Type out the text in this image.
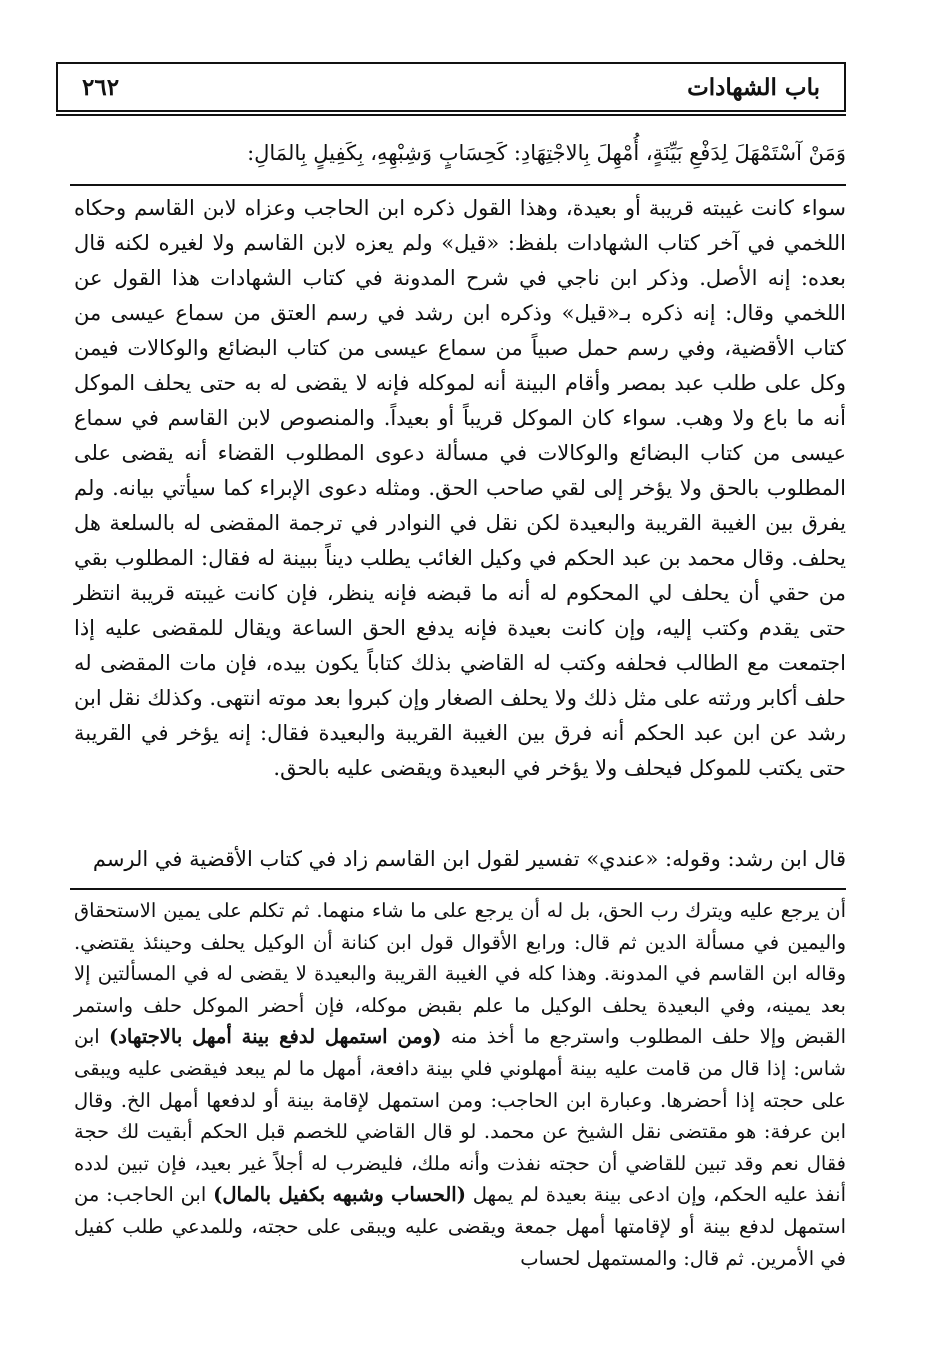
باب الشهادات
٢٦٢

وَمَنْ آسْتَمْهَلَ لِدَفْعِ بَيِّنَةٍ، أُمْهِلَ بِالاجْتِهَادِ: كَحِسَابٍ وَشِبْهِهِ، بِكَفِيلٍ بِالمَالِ:

سواء كانت غيبته قريبة أو بعيدة، وهذا القول ذكره ابن الحاجب وعزاه لابن القاسم وحكاه اللخمي في آخر كتاب الشهادات بلفظ: «قيل» ولم يعزه لابن القاسم ولا لغيره لكنه قال بعده: إنه الأصل. وذكر ابن ناجي في شرح المدونة في كتاب الشهادات هذا القول عن اللخمي وقال: إنه ذكره بـ«قيل» وذكره ابن رشد في رسم العتق من سماع عيسى من كتاب الأقضية، وفي رسم حمل صبياً من سماع عيسى من كتاب البضائع والوكالات فيمن وكل على طلب عبد بمصر وأقام البينة أنه لموكله فإنه لا يقضى له به حتى يحلف الموكل أنه ما باع ولا وهب. سواء كان الموكل قريباً أو بعيداً. والمنصوص لابن القاسم في سماع عيسى من كتاب البضائع والوكالات في مسألة دعوى المطلوب القضاء أنه يقضى على المطلوب بالحق ولا يؤخر إلى لقي صاحب الحق. ومثله دعوى الإبراء كما سيأتي بيانه. ولم يفرق بين الغيبة القريبة والبعيدة لكن نقل في النوادر في ترجمة المقضى له بالسلعة هل يحلف. وقال محمد بن عبد الحكم في وكيل الغائب يطلب ديناً ببينة له فقال: المطلوب بقي من حقي أن يحلف لي المحكوم له أنه ما قبضه فإنه ينظر، فإن كانت غيبته قريبة انتظر حتى يقدم وكتب إليه، وإن كانت بعيدة فإنه يدفع الحق الساعة ويقال للمقضى عليه إذا اجتمعت مع الطالب فحلفه وكتب له القاضي بذلك كتاباً يكون بيده، فإن مات المقضى له حلف أكابر ورثته على مثل ذلك ولا يحلف الصغار وإن كبروا بعد موته انتهى. وكذلك نقل ابن رشد عن ابن عبد الحكم أنه فرق بين الغيبة القريبة والبعيدة فقال: إنه يؤخر في القريبة حتى يكتب للموكل فيحلف ولا يؤخر في البعيدة ويقضى عليه بالحق.

قال ابن رشد: وقوله: «عندي» تفسير لقول ابن القاسم زاد في كتاب الأقضية في الرسم

أن يرجع عليه ويترك رب الحق، بل له أن يرجع على ما شاء منهما. ثم تكلم على يمين الاستحقاق واليمين في مسألة الدين ثم قال: ورابع الأقوال قول ابن كنانة أن الوكيل يحلف وحينئذ يقتضي. وقاله ابن القاسم في المدونة. وهذا كله في الغيبة القريبة والبعيدة لا يقضى له في المسألتين إلا بعد يمينه، وفي البعيدة يحلف الوكيل ما علم بقبض موكله، فإن أحضر الموكل حلف واستمر القبض وإلا حلف المطلوب واسترجع ما أخذ منه (ومن استمهل لدفع بينة أمهل بالاجتهاد) ابن شاس: إذا قال من قامت عليه بينة أمهلوني فلي بينة دافعة، أمهل ما لم يبعد فيقضى عليه ويبقى على حجته إذا أحضرها. وعبارة ابن الحاجب: ومن استمهل لإقامة بينة أو لدفعها أمهل الخ. وقال ابن عرفة: هو مقتضى نقل الشيخ عن محمد. لو قال القاضي للخصم قبل الحكم أبقيت لك حجة فقال نعم وقد تبين للقاضي أن حجته نفذت وأنه ملك، فليضرب له أجلاً غير بعيد، فإن تبين لدده أنفذ عليه الحكم، وإن ادعى بينة بعيدة لم يمهل (الحساب وشبهه بكفيل بالمال) ابن الحاجب: من استمهل لدفع بينة أو لإقامتها أمهل جمعة ويقضى عليه ويبقى على حجته، وللمدعي طلب كفيل في الأمرين. ثم قال: والمستمهل لحساب
